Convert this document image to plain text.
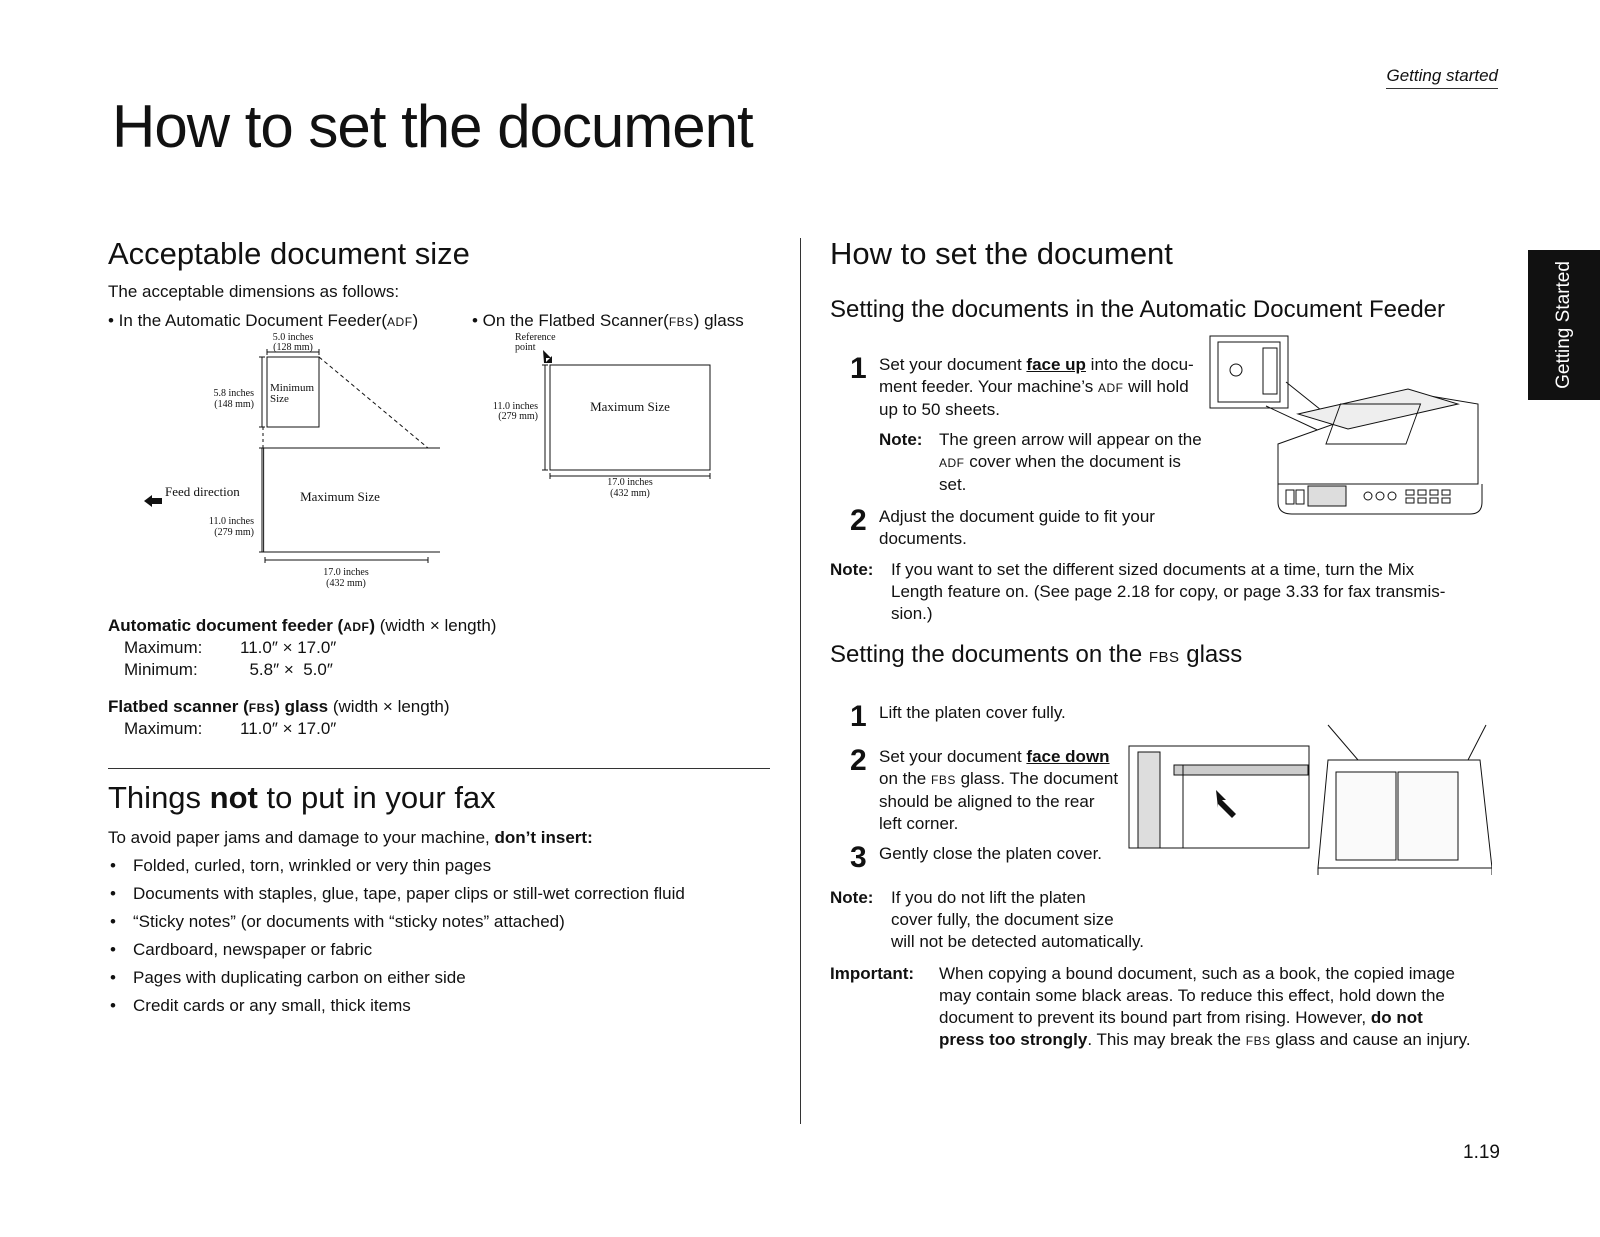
Getting started
How to set the document
Getting Started
Acceptable document size
The acceptable dimensions as follows:
• In the Automatic Document Feeder(ADF)	• On the Flatbed Scanner(FBS) glass
5.0 inches
(128 mm)
5.8 inches
(148 mm)
Minimum
Size
Feed direction	Maximum Size
11.0 inches
(279 mm)
17.0 inches
(432 mm)
Reference
point
11.0 inches
(279 mm)
Maximum Size
17.0 inches
(432 mm)
Automatic document feeder (ADF) (width × length)
Maximum: 11.0″ × 17.0″
Minimum:  5.8″ ×  5.0″
Flatbed scanner (FBS) glass (width × length)
Maximum: 11.0″ × 17.0″
Things not to put in your fax
To avoid paper jams and damage to your machine, don’t insert:
• Folded, curled, torn, wrinkled or very thin pages
• Documents with staples, glue, tape, paper clips or still-wet correction fluid
• “Sticky notes” (or documents with “sticky notes” attached)
• Cardboard, newspaper or fabric
• Pages with duplicating carbon on either side
• Credit cards or any small, thick items
How to set the document
Setting the documents in the Automatic Document Feeder
1 Set your document face up into the docu-
ment feeder. Your machine’s ADF will hold
up to 50 sheets.
Note: The green arrow will appear on the
ADF cover when the document is
set.
2 Adjust the document guide to fit your
documents.
Note: If you want to set the different sized documents at a time, turn the Mix
Length feature on. (See page 2.18 for copy, or page 3.33 for fax transmis-
sion.)
Setting the documents on the FBS glass
1 Lift the platen cover fully.
2 Set your document face down
on the FBS glass. The document
should be aligned to the rear
left corner.
3 Gently close the platen cover.
Note: If you do not lift the platen
cover fully, the document size
will not be detected automatically.
Important: When copying a bound document, such as a book, the copied image
may contain some black areas. To reduce this effect, hold down the
document to prevent its bound part from rising. However, do not
press too strongly. This may break the FBS glass and cause an injury.
1.19
